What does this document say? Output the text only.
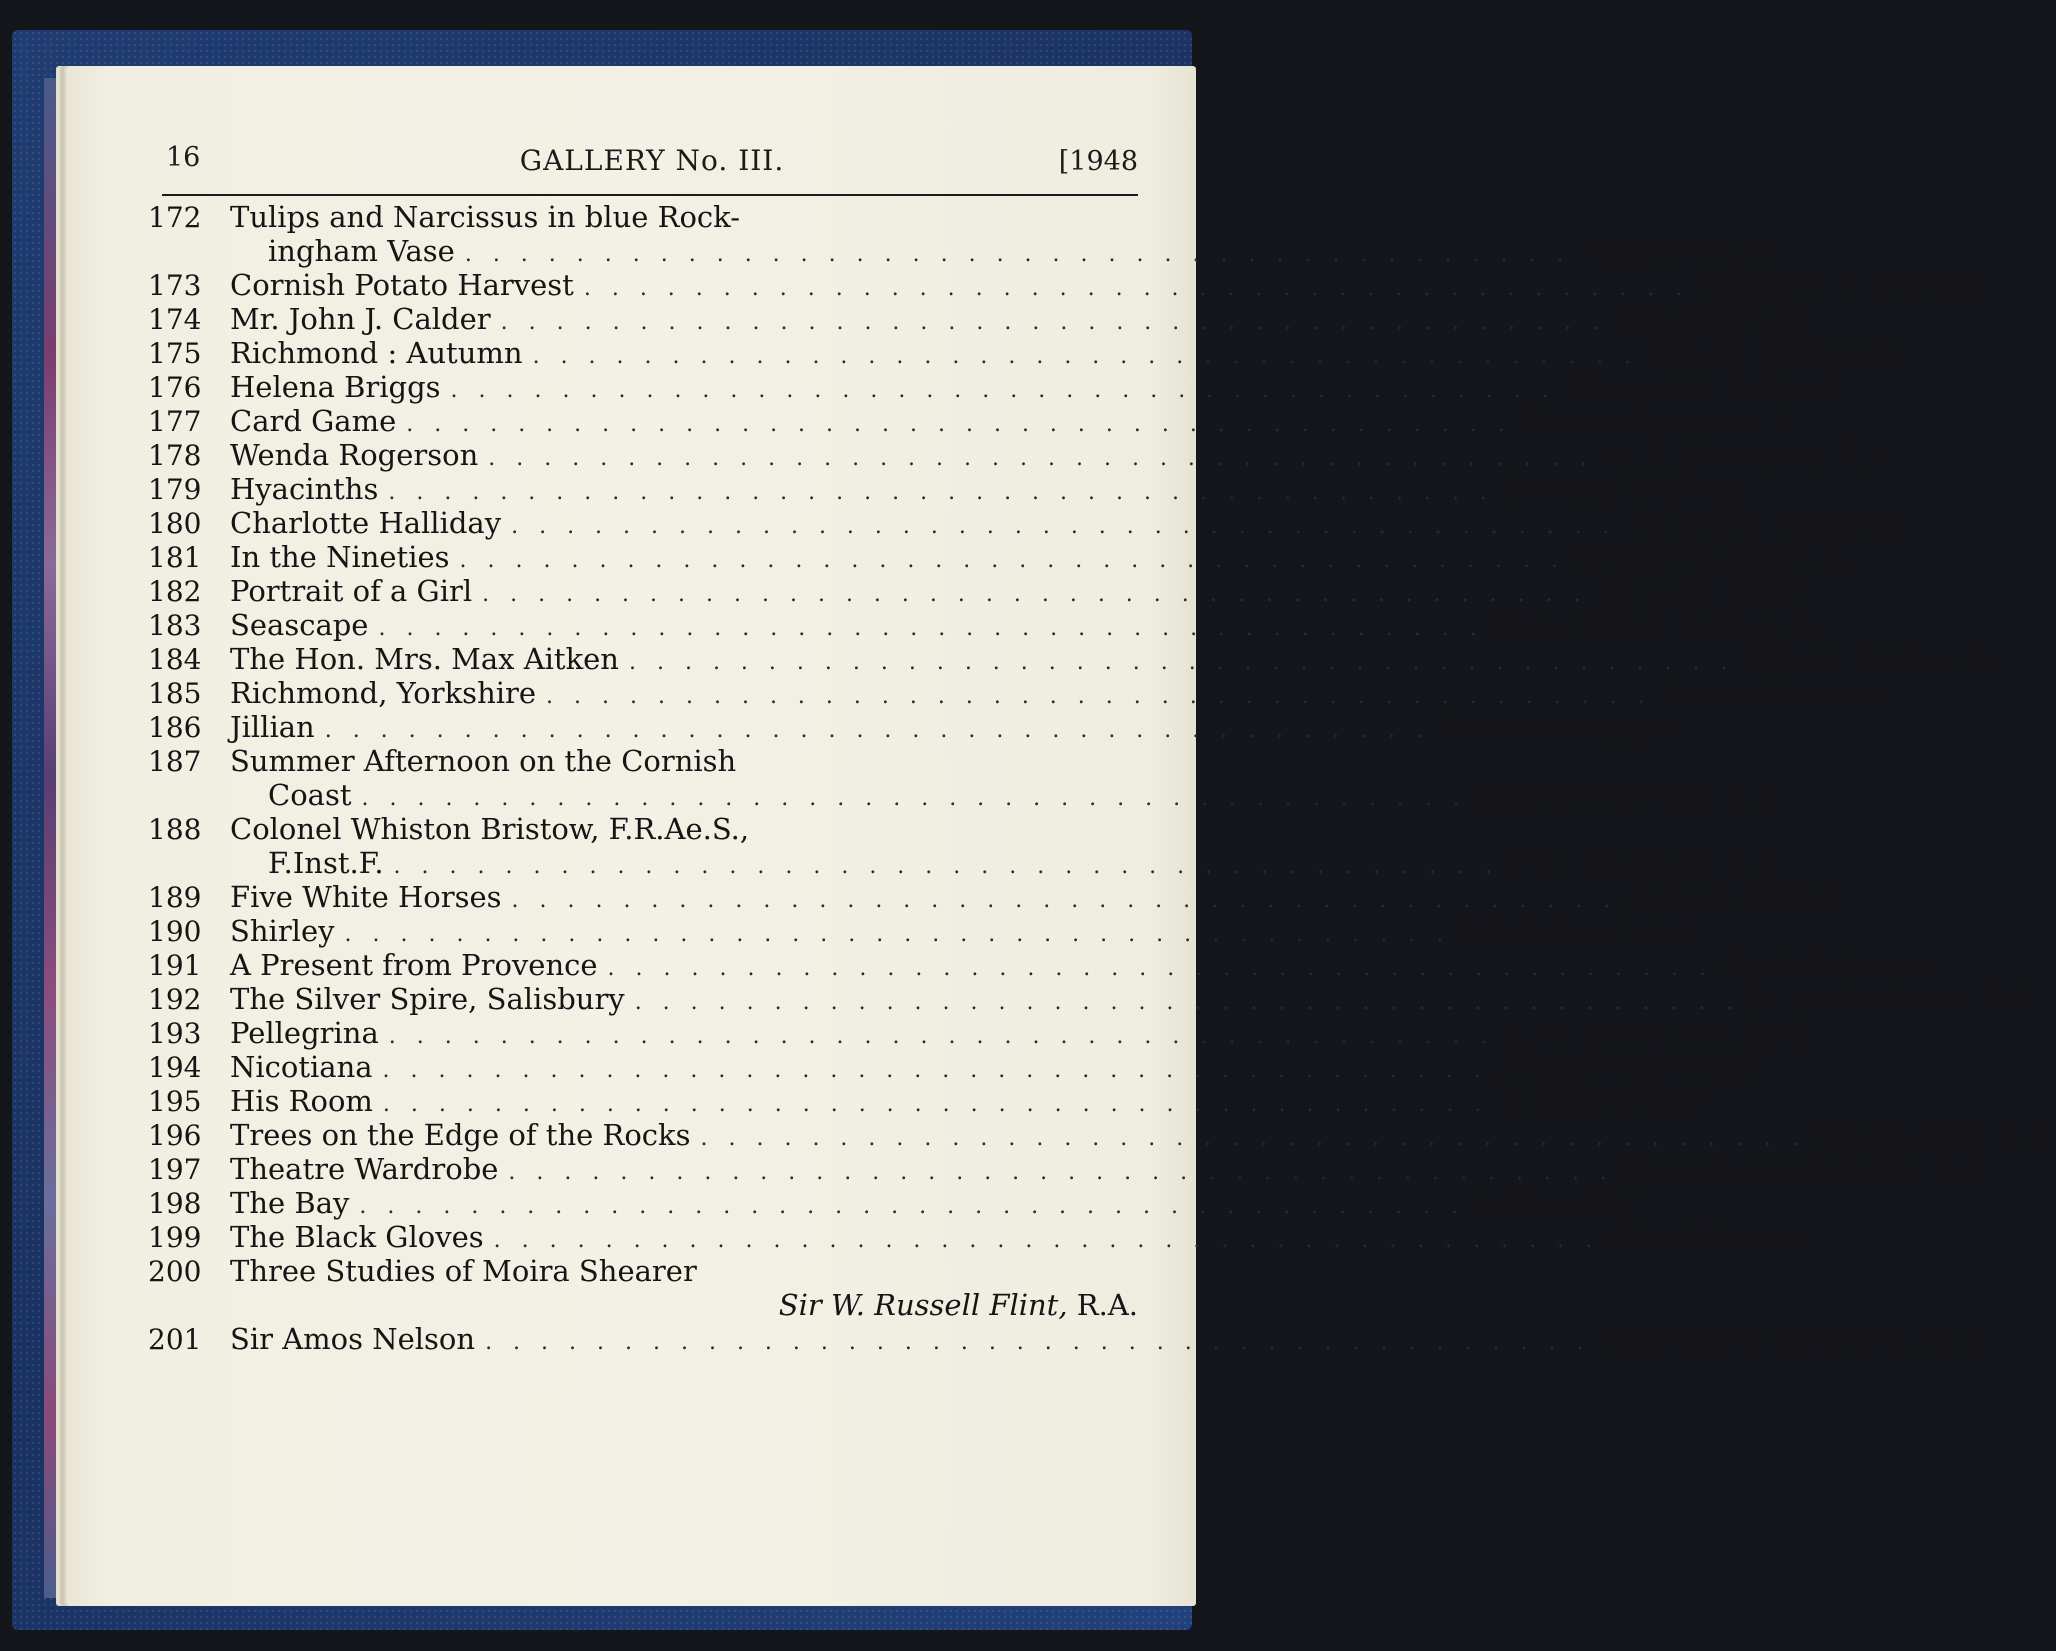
16	GALLERY No. III.	[1948
172 Tulips and Narcissus in blue Rock-
ingham Vase . . . . . . . . . . . . . . . . . . . . . . . . . . . . . . . . . . . . . . . . Pauline Glass
173 Cornish Potato Harvest . . . . . . . . . . . . . . . . . . . . . . . . . . . . . . . . . . . . . . . . Marjorie F. Bruford
174 Mr. John J. Calder . . . . . . . . . . . . . . . . . . . . . . . . . . . . . . . . . . . . . . . . Simon Elwes
175 Richmond : Autumn . . . . . . . . . . . . . . . . . . . . . . . . . . . . . . . . . . . . . . . . Robert Whitmore
176 Helena Briggs . . . . . . . . . . . . . . . . . . . . . . . . . . . . . . . . . . . . . . . . Margarita Rotinoff
177 Card Game . . . . . . . . . . . . . . . . . . . . . . . . . . . . . . . . . . . . . . . . Steven Spurrier, A.
178 Wenda Rogerson . . . . . . . . . . . . . . . . . . . . . . . . . . . . . . . . . . . . . . . . A. R. Thomson, R.A.
179 Hyacinths . . . . . . . . . . . . . . . . . . . . . . . . . . . . . . . . . . . . . . . . Dorothy Billings
180 Charlotte Halliday . . . . . . . . . . . . . . . . . . . . . . . . . . . . . . . . . . . . . . . . Edward I. Halliday
181 In the Nineties . . . . . . . . . . . . . . . . . . . . . . . . . . . . . . . . . . . . . . . . Steven Spurrier, A.
182 Portrait of a Girl . . . . . . . . . . . . . . . . . . . . . . . . . . . . . . . . . . . . . . . . Mary M. Watt
183 Seascape . . . . . . . . . . . . . . . . . . . . . . . . . . . . . . . . . . . . . . . . Dame Ethel Walker, A.
184 The Hon. Mrs. Max Aitken . . . . . . . . . . . . . . . . . . . . . . . . . . . . . . . . . . . . . . . . Robert Buhler, A.
185 Richmond, Yorkshire . . . . . . . . . . . . . . . . . . . . . . . . . . . . . . . . . . . . . . . . Donald Towner
186 Jillian . . . . . . . . . . . . . . . . . . . . . . . . . . . . . . . . . . . . . . . . Norman Hepple
187 Summer Afternoon on the Cornish
Coast . . . . . . . . . . . . . . . . . . . . . . . . . . . . . . . . . . . . . . . . James Bateman, R.A.
188 Colonel Whiston Bristow, F.R.Ae.S.,
F.Inst.F. . . . . . . . . . . . . . . . . . . . . . . . . . . . . . . . . . . . . . . . . T. C. Dugdale, R.A.
189 Five White Horses . . . . . . . . . . . . . . . . . . . . . . . . . . . . . . . . . . . . . . . . Felicity Sutton
190 Shirley . . . . . . . . . . . . . . . . . . . . . . . . . . . . . . . . . . . . . . . . Lilian Lancaster
191 A Present from Provence . . . . . . . . . . . . . . . . . . . . . . . . . . . . . . . . . . . . . . . . Enid Solomon
192 The Silver Spire, Salisbury . . . . . . . . . . . . . . . . . . . . . . . . . . . . . . . . . . . . . . . . W. G. de Glehn, R.A.
193 Pellegrina . . . . . . . . . . . . . . . . . . . . . . . . . . . . . . . . . . . . . . . . A. K. Lawrence, R.A.
194 Nicotiana . . . . . . . . . . . . . . . . . . . . . . . . . . . . . . . . . . . . . . . . Jeanne Courtauld
195 His Room . . . . . . . . . . . . . . . . . . . . . . . . . . . . . . . . . . . . . . . . Walter Goodin
196 Trees on the Edge of the Rocks . . . . . . . . . . . . . . . . . . . . . . . . . . . . . . . . . . . . . . . . Oliver Hall, R.A.
197 Theatre Wardrobe . . . . . . . . . . . . . . . . . . . . . . . . . . . . . . . . . . . . . . . . Dame Laura Knight, R.A.
198 The Bay . . . . . . . . . . . . . . . . . . . . . . . . . . . . . . . . . . . . . . . . Adrian Hill
199 The Black Gloves . . . . . . . . . . . . . . . . . . . . . . . . . . . . . . . . . . . . . . . . Ethel Gabain
200 Three Studies of Moira Shearer
Sir W. Russell Flint, R.A.
201 Sir Amos Nelson . . . . . . . . . . . . . . . . . . . . . . . . . . . . . . . . . . . . . . . . Reginald G. Brundrit, R.A.
